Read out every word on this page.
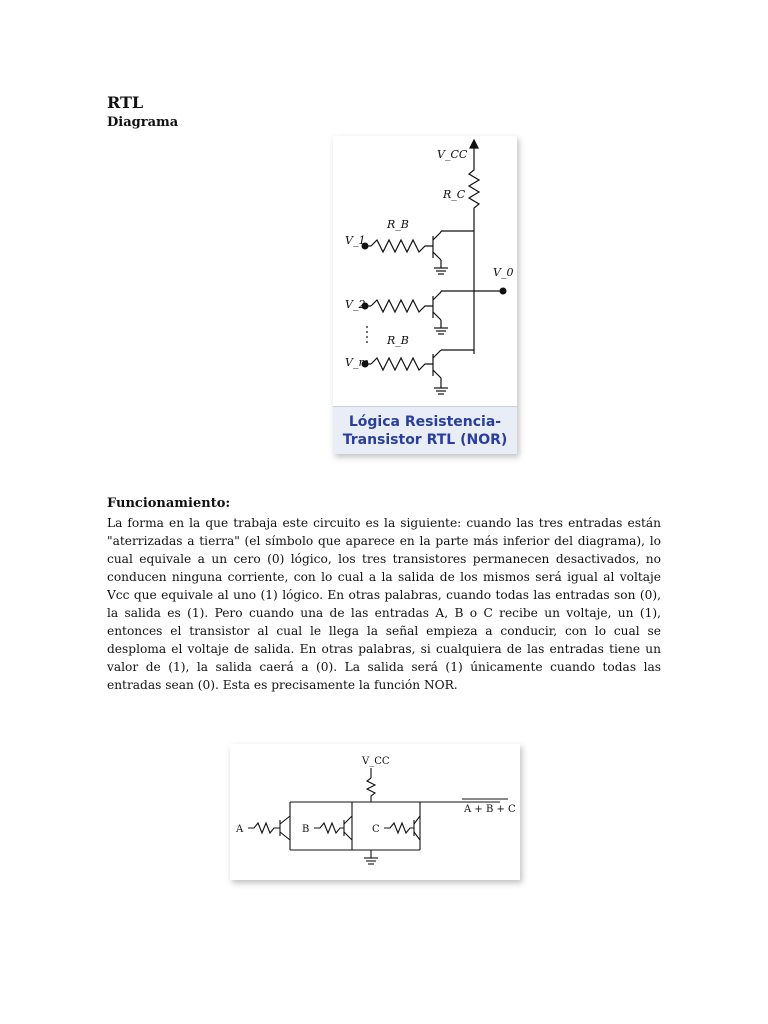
RTL
Diagrama
V_CC
R_C
R_B
V_1
V_0
V_2
R_B
V_m
Lógica Resistencia-
Transistor RTL (NOR)
Funcionamiento:
La forma en la que trabaja este circuito es la siguiente: cuando las tres entradas están "aterrizadas a tierra" (el símbolo que aparece en la parte más inferior del diagrama), lo cual equivale a un cero (0) lógico, los tres transistores permanecen desactivados, no conducen ninguna corriente, con lo cual a la salida de los mismos será igual al voltaje Vcc que equivale al uno (1) lógico. En otras palabras, cuando todas las entradas son (0), la salida es (1). Pero cuando una de las entradas A, B o C recibe un voltaje, un (1), entonces el transistor al cual le llega la señal empieza a conducir, con lo cual se desploma el voltaje de salida. En otras palabras, si cualquiera de las entradas tiene un valor de (1), la salida caerá a (0). La salida será (1) únicamente cuando todas las entradas sean (0). Esta es precisamente la función NOR.
V_CC
A	B	C
A + B + C
